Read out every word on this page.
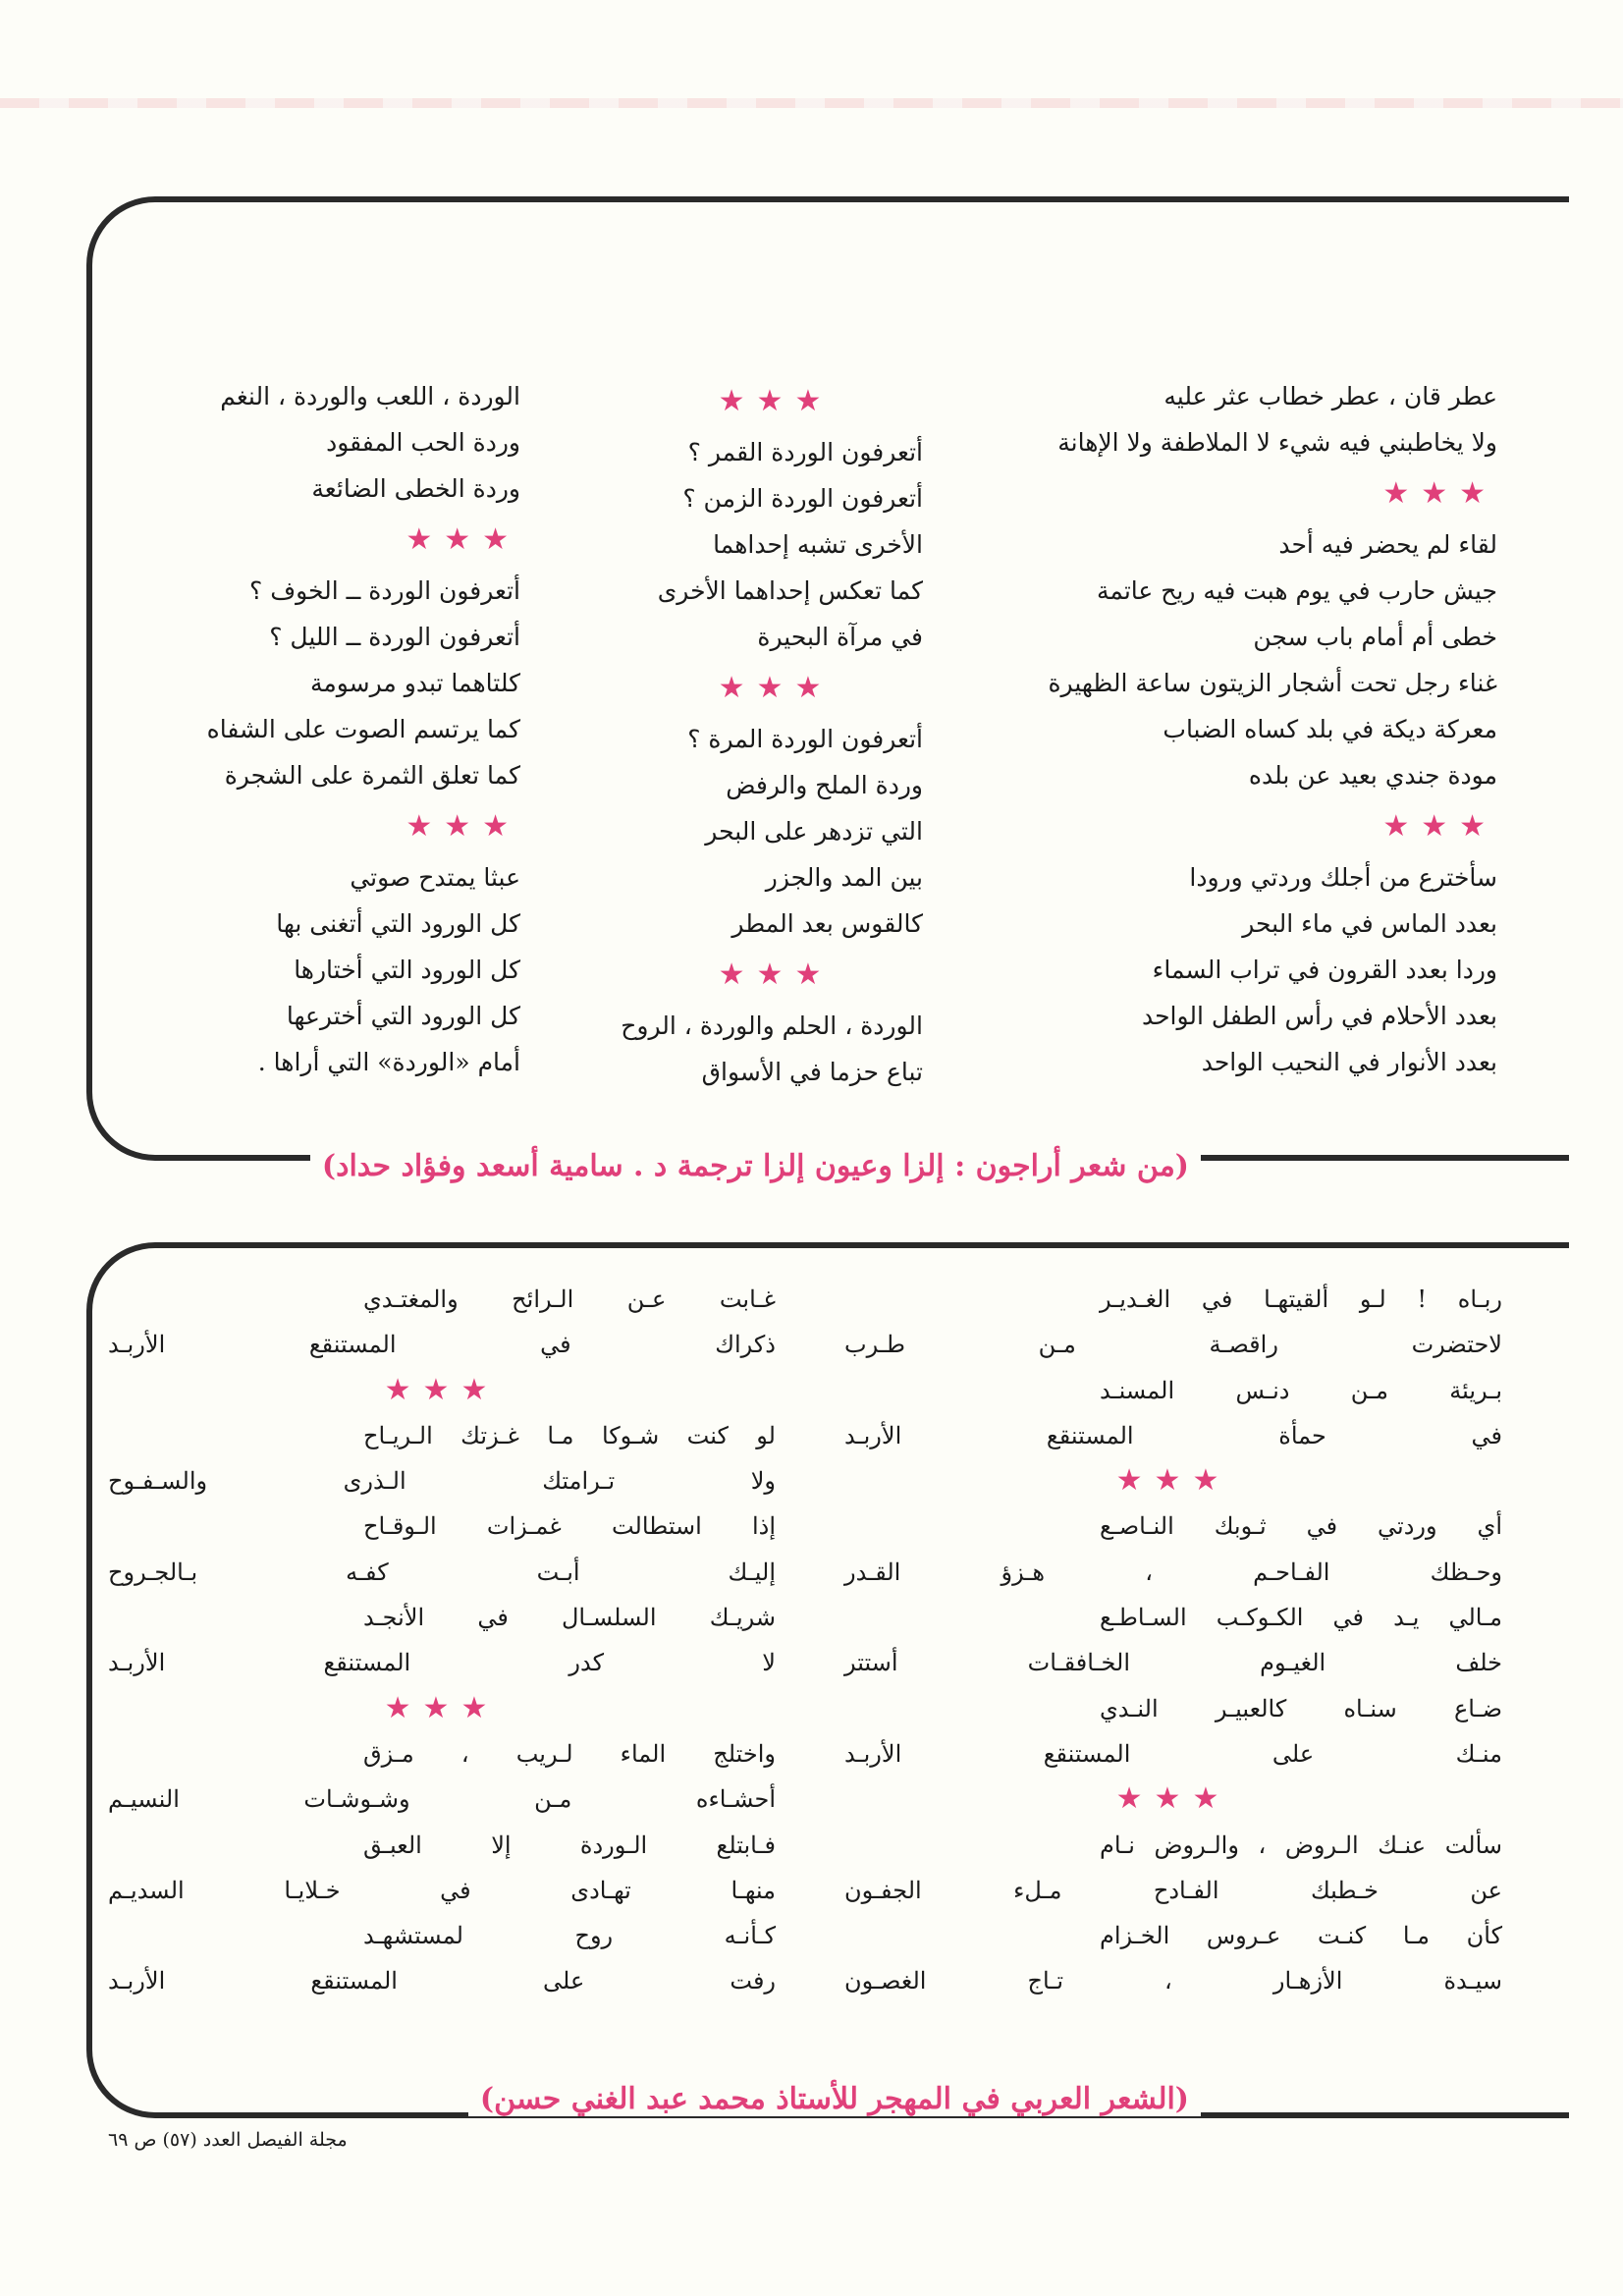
عطر قان ، عطر خطاب عثر عليه
ولا يخاطبني فيه شيء لا الملاطفة ولا الإهانة
★★★
لقاء لم يحضر فيه أحد
جيش حارب في يوم هبت فيه ريح عاتمة
خطى أم أمام باب سجن
غناء رجل تحت أشجار الزيتون ساعة الظهيرة
معركة ديكة في بلد كساه الضباب
مودة جندي بعيد عن بلده
★★★
سأخترع من أجلك وردتي ورودا
بعدد الماس في ماء البحر
وردا بعدد القرون في تراب السماء
بعدد الأحلام في رأس الطفل الواحد
بعدد الأنوار في النحيب الواحد
★★★
أتعرفون الوردة القمر ؟
أتعرفون الوردة الزمن ؟
الأخرى تشبه إحداهما
كما تعكس إحداهما الأخرى
في مرآة البحيرة
★★★
أتعرفون الوردة المرة ؟
وردة الملح والرفض
التي تزدهر على البحر
بين المد والجزر
كالقوس بعد المطر
★★★
الوردة ، الحلم والوردة ، الروح
تباع حزما في الأسواق
الوردة ، اللعب والوردة ، النغم
وردة الحب المفقود
وردة الخطى الضائعة
★★★
أتعرفون الوردة ــ الخوف ؟
أتعرفون الوردة ــ الليل ؟
كلتاهما تبدو مرسومة
كما يرتسم الصوت على الشفاه
كما تعلق الثمرة على الشجرة
★★★
عبثا يمتدح صوتي
كل الورود التي أتغنى بها
كل الورود التي أختارها
كل الورود التي أخترعها
أمام «الوردة» التي أراها .
(من شعر أراجون : إلزا وعيون إلزا ترجمة د . سامية أسعد وفؤاد حداد)
ربـاه ! لـو ألقيتهـا في الغـديـر
لاحتضرت راقصـة مـن طـرب
بـريئة مـن دنـس المسنـد
في حمأة المستنقع الأربـد
★★★
أي وردتي في ثـوبك النـاصـع
وحـظك الفـاحـم ، هـزؤ القـدر
مـالي يـد في الكـوكـب السـاطـع
خلف الغيـوم الخـافقـات أستتر
ضـاع سنـاه كالعبيـر النـدي
منـك على المستنقع الأربـد
★★★
سألت عنـك الـروض ، والـروض نـام
عن خـطبك الفـادح مـلء الجفـون
كأن مـا كنـت عـروس الخـزام
سيـدة الأزهـار ، تـاج الغصـون
غـابت عـن الـرائح والمغتـدي
ذكراك في المستنقع الأربـد
★★★
لو كنت شـوكا مـا غـزتك الـريـاح
ولا تـرامتك الـذرى والسـفـوح
إذا استطالت غمـزات الـوقـاح
إليـك أبـت كفـه بـالجـروح
شريـك السلسـال في الأنجـد
لا كدر المستنقع الأربـد
★★★
واختلج الماء لـريب ، مـزق
أحشـاءه مـن وشـوشـات النسيـم
فـابتلع الـوردة إلا العبـق
منهـا تهـادى في خـلايـا السديـم
كـأنـه روح لمستشهـد
رفت على المستنقع الأربـد
(الشعر العربي في المهجر للأستاذ محمد عبد الغني حسن)
مجلة الفيصل العدد (٥٧) ص ٦٩
